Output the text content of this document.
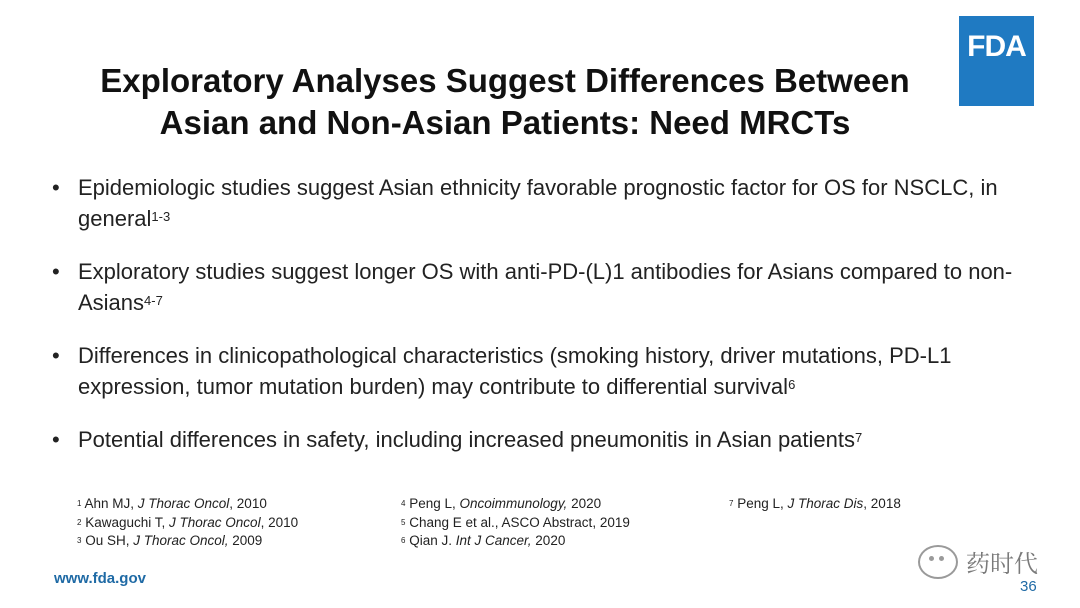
FDA
Exploratory Analyses Suggest Differences Between
Asian and Non-Asian Patients: Need MRCTs
• Epidemiologic studies suggest Asian ethnicity favorable prognostic factor for OS for NSCLC, in general$^{1-3}$
• Exploratory studies suggest longer OS with anti-PD-(L)1 antibodies for Asians compared to non-Asians$^{4-7}$
• Differences in clinicopathological characteristics (smoking history, driver mutations, PD-L1 expression, tumor mutation burden) may contribute to differential survival$^6$
• Potential differences in safety, including increased pneumonitis in Asian patients$^7$
$^1$ Ahn MJ, J Thorac Oncol, 2010
$^2$ Kawaguchi T, J Thorac Oncol, 2010
$^3$ Ou SH, J Thorac Oncol, 2009
$^4$ Peng L, Oncoimmunology, 2020
$^5$ Chang E et al., ASCO Abstract, 2019
$^6$ Qian J. Int J Cancer, 2020
$^7$ Peng L, J Thorac Dis, 2018
药时代
www.fda.gov	36
